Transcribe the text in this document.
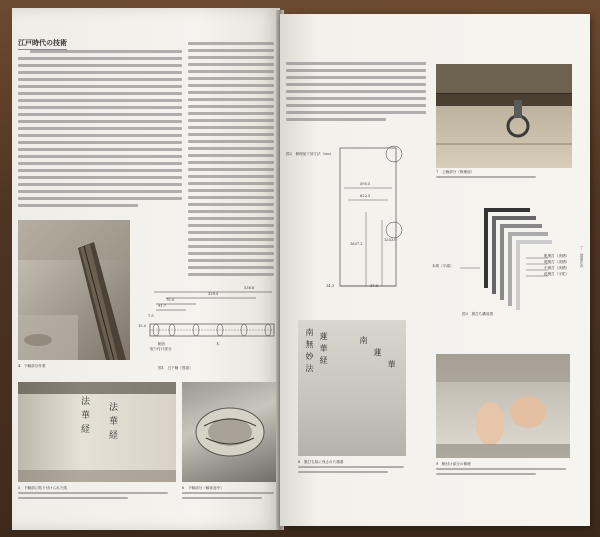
江戸時代の技術
4　下軸部分作業
538.8
329.5
75.0
91.7
7.5
15.0
軸首
取り付け部分
木
図1　丑下軸（図面）
法
華
経
法
華
経
5　下軸部に貼り付けられた紙	6　下軸部分（解体途中）
7　上軸部分（修理前）
図2　修理前下部寸法（cm）
595.5
622.5
1637.2
1353.0
14.3	17.5
本紙（平絹）
肌裏打（美栖）
増裏打（美栖）
中裏打（美栖）
総裏打（宇陀）
図3　裏打ち構成図
丁　繕番印表
南
無
妙
法
蓮
華
経
南
蓮
華
8　裏打ち紙に残された墨書	9　軸付け部分の修理
